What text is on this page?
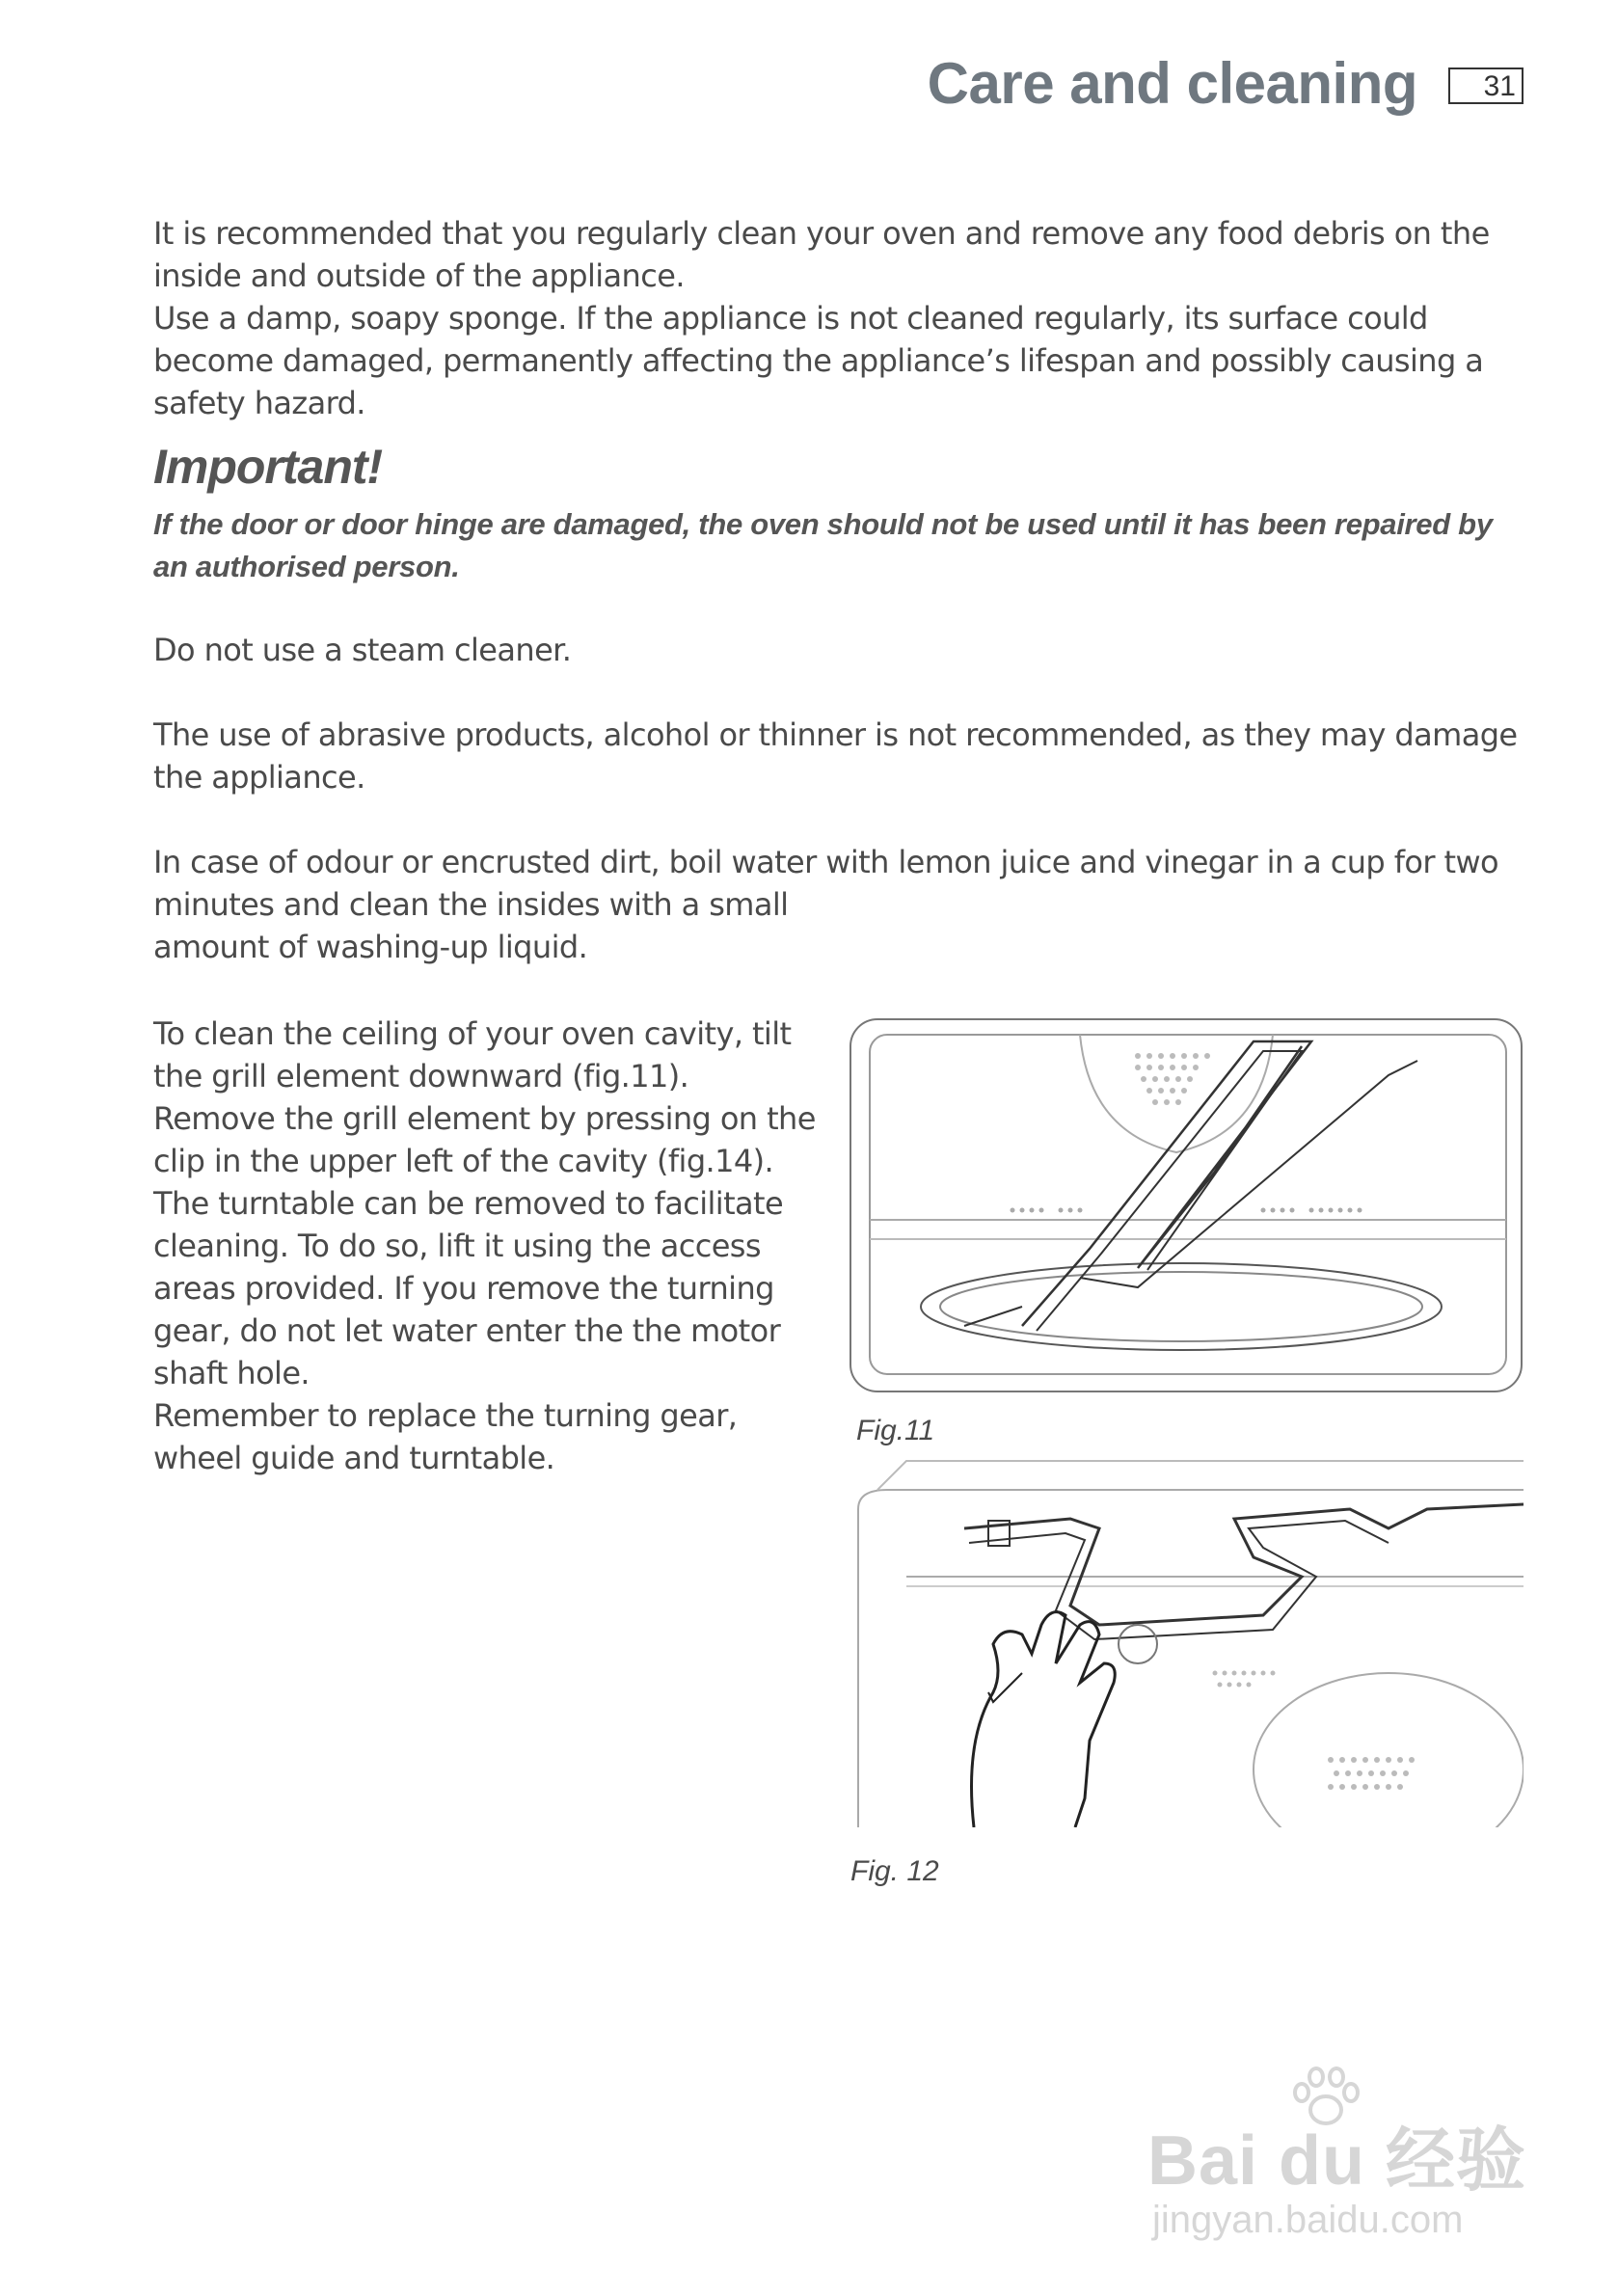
Care and cleaning	31

It is recommended that you regularly clean your oven and remove any food debris on the inside and outside of the appliance.

Use a damp, soapy sponge. If the appliance is not cleaned regularly, its surface could become damaged, permanently affecting the appliance’s lifespan and possibly causing a safety hazard.

Important!
If the door or door hinge are damaged, the oven should not be used until it has been repaired by an authorised person.
Do not use a steam cleaner.
The use of abrasive products, alcohol or thinner is not recommended, as they may damage the appliance.

In case of odour or encrusted dirt, boil water with lemon juice and vinegar in a cup for two

minutes and clean the insides with a small

amount of washing-up liquid.

To clean the ceiling of your oven cavity, tilt the grill element downward (fig.11).

Remove the grill element by pressing on the clip in the upper left of the cavity (fig.14).

The turntable can be removed to facilitate cleaning. To do so, lift it using the access areas provided. If you remove the turning gear, do not let water enter the the motor shaft hole.

Remember to replace the turning gear, wheel guide and turntable.

Fig.11
Fig. 12
Bai du 经验
jingyan.baidu.com
